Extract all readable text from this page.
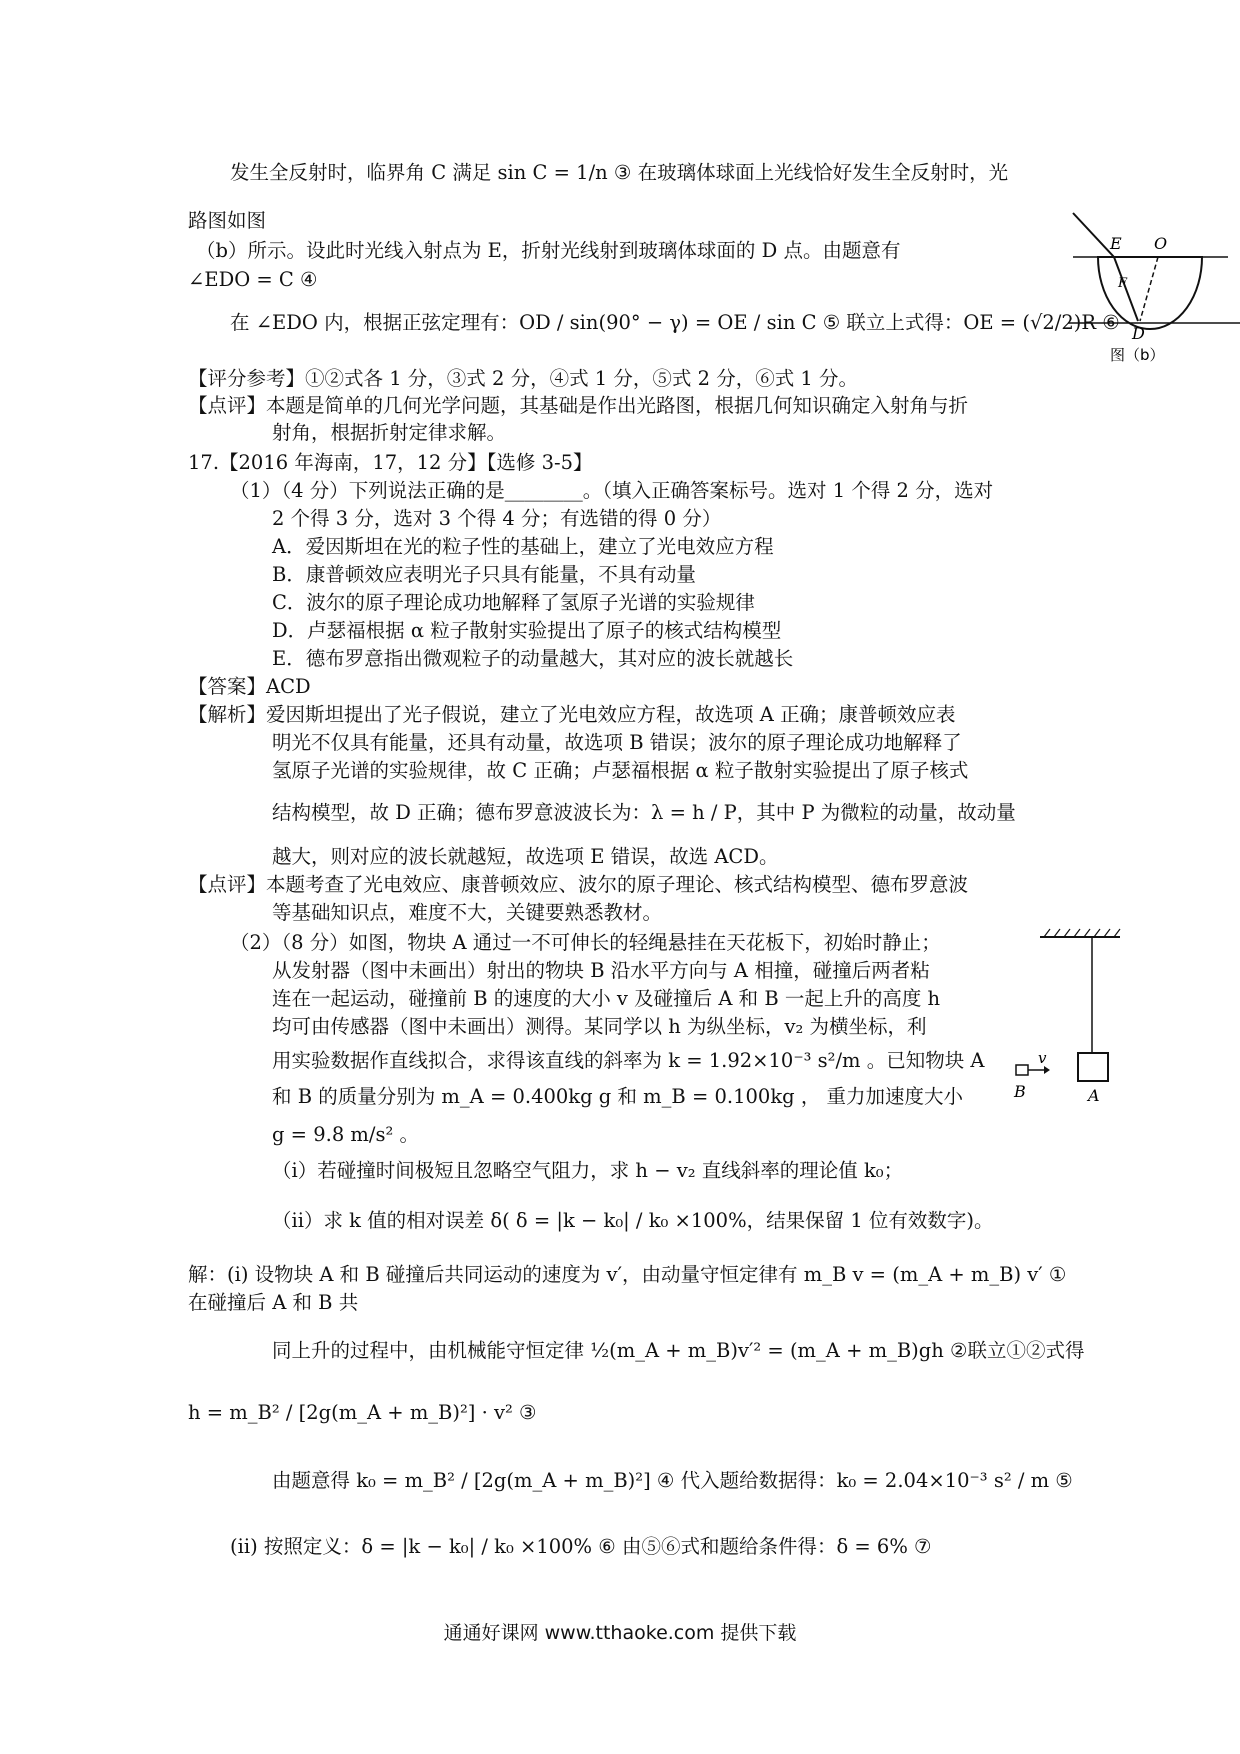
发生全反射时，临界角 C 满足 sin C = 1/n ③ 在玻璃体球面上光线恰好发生全反射时，光
路图如图
（b）所示。设此时光线入射点为 E，折射光线射到玻璃体球面的 D 点。由题意有
∠EDO = C ④
在 ∠EDO 内，根据正弦定理有：OD / sin(90° − γ) = OE / sin C ⑤ 联立上式得：OE = (√2/2)R ⑥
【评分参考】①②式各 1 分，③式 2 分，④式 1 分，⑤式 2 分，⑥式 1 分。
【点评】本题是简单的几何光学问题，其基础是作出光路图，根据几何知识确定入射角与折
射角，根据折射定律求解。
E O
F
D
图（b）
17.【2016 年海南，17，12 分】【选修 3-5】
（1）（4 分）下列说法正确的是________。（填入正确答案标号。选对 1 个得 2 分，选对
2 个得 3 分，选对 3 个得 4 分；有选错的得 0 分）
A．爱因斯坦在光的粒子性的基础上，建立了光电效应方程
B．康普顿效应表明光子只具有能量，不具有动量
C．波尔的原子理论成功地解释了氢原子光谱的实验规律
D．卢瑟福根据 α 粒子散射实验提出了原子的核式结构模型
E．德布罗意指出微观粒子的动量越大，其对应的波长就越长
【答案】ACD
【解析】爱因斯坦提出了光子假说，建立了光电效应方程，故选项 A 正确；康普顿效应表
明光不仅具有能量，还具有动量，故选项 B 错误；波尔的原子理论成功地解释了
氢原子光谱的实验规律，故 C 正确；卢瑟福根据 α 粒子散射实验提出了原子核式
结构模型，故 D 正确；德布罗意波波长为：λ = h / P，其中 P 为微粒的动量，故动量
越大，则对应的波长就越短，故选项 E 错误，故选 ACD。
【点评】本题考查了光电效应、康普顿效应、波尔的原子理论、核式结构模型、德布罗意波
等基础知识点，难度不大，关键要熟悉教材。
（2）（8 分）如图，物块 A 通过一不可伸长的轻绳悬挂在天花板下，初始时静止；
从发射器（图中未画出）射出的物块 B 沿水平方向与 A 相撞，碰撞后两者粘
连在一起运动，碰撞前 B 的速度的大小 v 及碰撞后 A 和 B 一起上升的高度 h
均可由传感器（图中未画出）测得。某同学以 h 为纵坐标，v₂ 为横坐标，利
用实验数据作直线拟合，求得该直线的斜率为 k = 1.92×10⁻³ s²/m 。已知物块 A
和 B 的质量分别为 m_A = 0.400kg g 和 m_B = 0.100kg ， 重力加速度大小
g = 9.8 m/s² 。
（i）若碰撞时间极短且忽略空气阻力，求 h − v₂ 直线斜率的理论值 k₀；
（ii）求 k 值的相对误差 δ( δ = |k − k₀| / k₀ ×100%，结果保留 1 位有效数字)。
v
B	A
解：(i) 设物块 A 和 B 碰撞后共同运动的速度为 v′，由动量守恒定律有 m_B v = (m_A + m_B) v′ ①
在碰撞后 A 和 B 共
同上升的过程中，由机械能守恒定律 ½(m_A + m_B)v′² = (m_A + m_B)gh ②联立①②式得
h = m_B² / [2g(m_A + m_B)²] · v² ③
由题意得 k₀ = m_B² / [2g(m_A + m_B)²] ④ 代入题给数据得：k₀ = 2.04×10⁻³ s² / m ⑤
(ii) 按照定义：δ = |k − k₀| / k₀ ×100% ⑥ 由⑤⑥式和题给条件得：δ = 6% ⑦
通通好课网 www.tthaoke.com 提供下载
